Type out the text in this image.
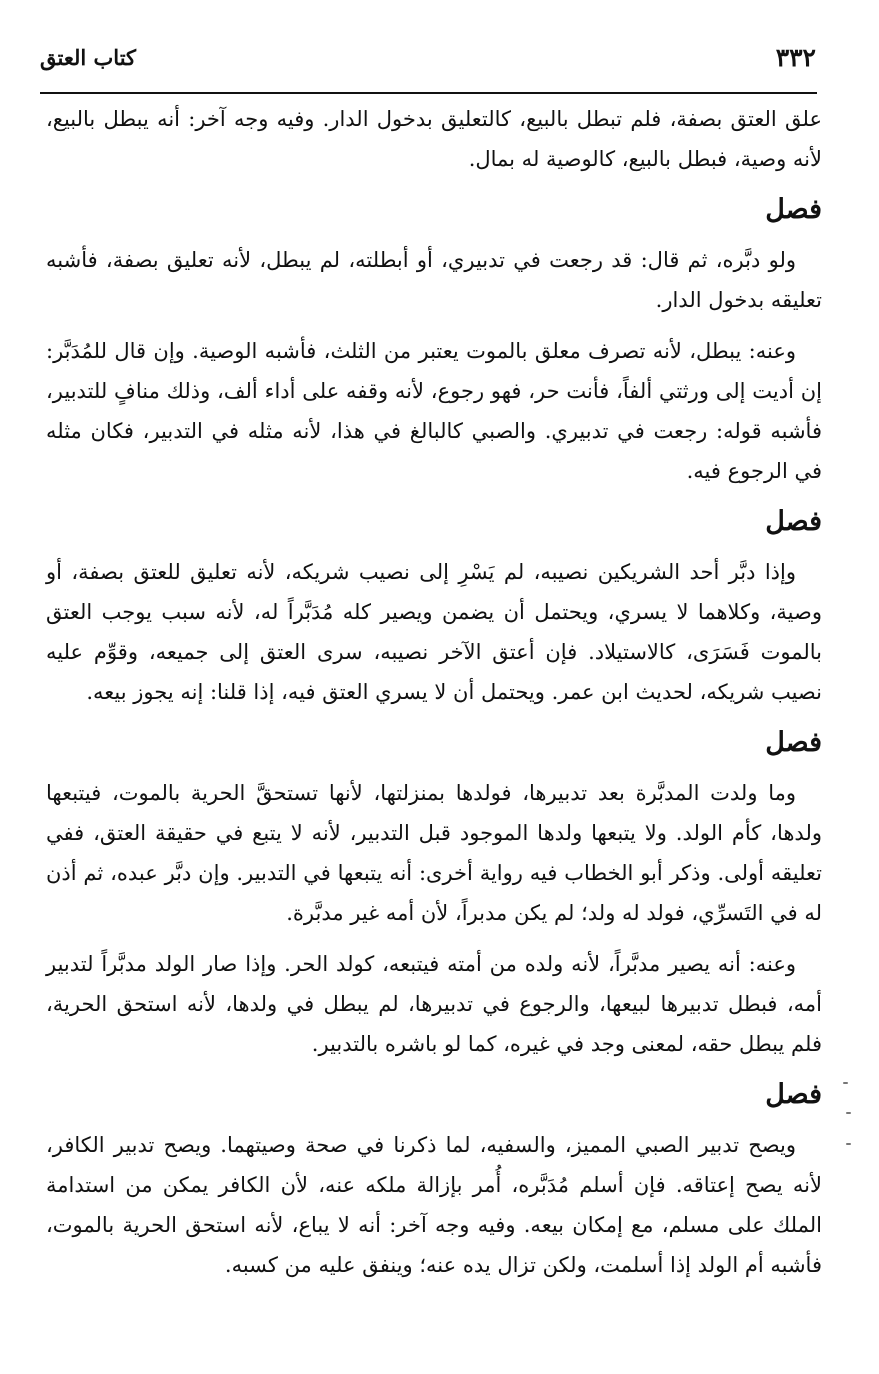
كتاب العتق	٣٣٢

علق العتق بصفة، فلم تبطل بالبيع، كالتعليق بدخول الدار. وفيه وجه آخر: أنه يبطل بالبيع، لأنه وصية، فبطل بالبيع، كالوصية له بمال.

فصل

ولو دبَّره، ثم قال: قد رجعت في تدبيري، أو أبطلته، لم يبطل، لأنه تعليق بصفة، فأشبه تعليقه بدخول الدار.

وعنه: يبطل، لأنه تصرف معلق بالموت يعتبر من الثلث، فأشبه الوصية. وإن قال للمُدَبَّر: إن أديت إلى ورثتي ألفاً، فأنت حر، فهو رجوع، لأنه وقفه على أداء ألف، وذلك منافٍ للتدبير، فأشبه قوله: رجعت في تدبيري. والصبي كالبالغ في هذا، لأنه مثله في التدبير، فكان مثله في الرجوع فيه.

فصل

وإذا دبَّر أحد الشريكين نصيبه، لم يَسْرِ إلى نصيب شريكه، لأنه تعليق للعتق بصفة، أو وصية، وكلاهما لا يسري، ويحتمل أن يضمن ويصير كله مُدَبَّراً له، لأنه سبب يوجب العتق بالموت فَسَرَى، كالاستيلاد. فإن أعتق الآخر نصيبه، سرى العتق إلى جميعه، وقوِّم عليه نصيب شريكه، لحديث ابن عمر. ويحتمل أن لا يسري العتق فيه، إذا قلنا: إنه يجوز بيعه.

فصل

وما ولدت المدبَّرة بعد تدبيرها، فولدها بمنزلتها، لأنها تستحقَّ الحرية بالموت، فيتبعها ولدها، كأم الولد. ولا يتبعها ولدها الموجود قبل التدبير، لأنه لا يتبع في حقيقة العتق، ففي تعليقه أولى. وذكر أبو الخطاب فيه رواية أخرى: أنه يتبعها في التدبير. وإن دبَّر عبده، ثم أذن له في التَسرِّي، فولد له ولد؛ لم يكن مدبراً، لأن أمه غير مدبَّرة.

وعنه: أنه يصير مدبَّراً، لأنه ولده من أمته فيتبعه، كولد الحر. وإذا صار الولد مدبَّراً لتدبير أمه، فبطل تدبيرها لبيعها، والرجوع في تدبيرها، لم يبطل في ولدها، لأنه استحق الحرية، فلم يبطل حقه، لمعنى وجد في غيره، كما لو باشره بالتدبير.

فصل

ويصح تدبير الصبي المميز، والسفيه، لما ذكرنا في صحة وصيتهما. ويصح تدبير الكافر، لأنه يصح إعتاقه. فإن أسلم مُدَبَّره، أُمر بإزالة ملكه عنه، لأن الكافر يمكن من استدامة الملك على مسلم، مع إمكان بيعه. وفيه وجه آخر: أنه لا يباع، لأنه استحق الحرية بالموت، فأشبه أم الولد إذا أسلمت، ولكن تزال يده عنه؛ وينفق عليه من كسبه.
